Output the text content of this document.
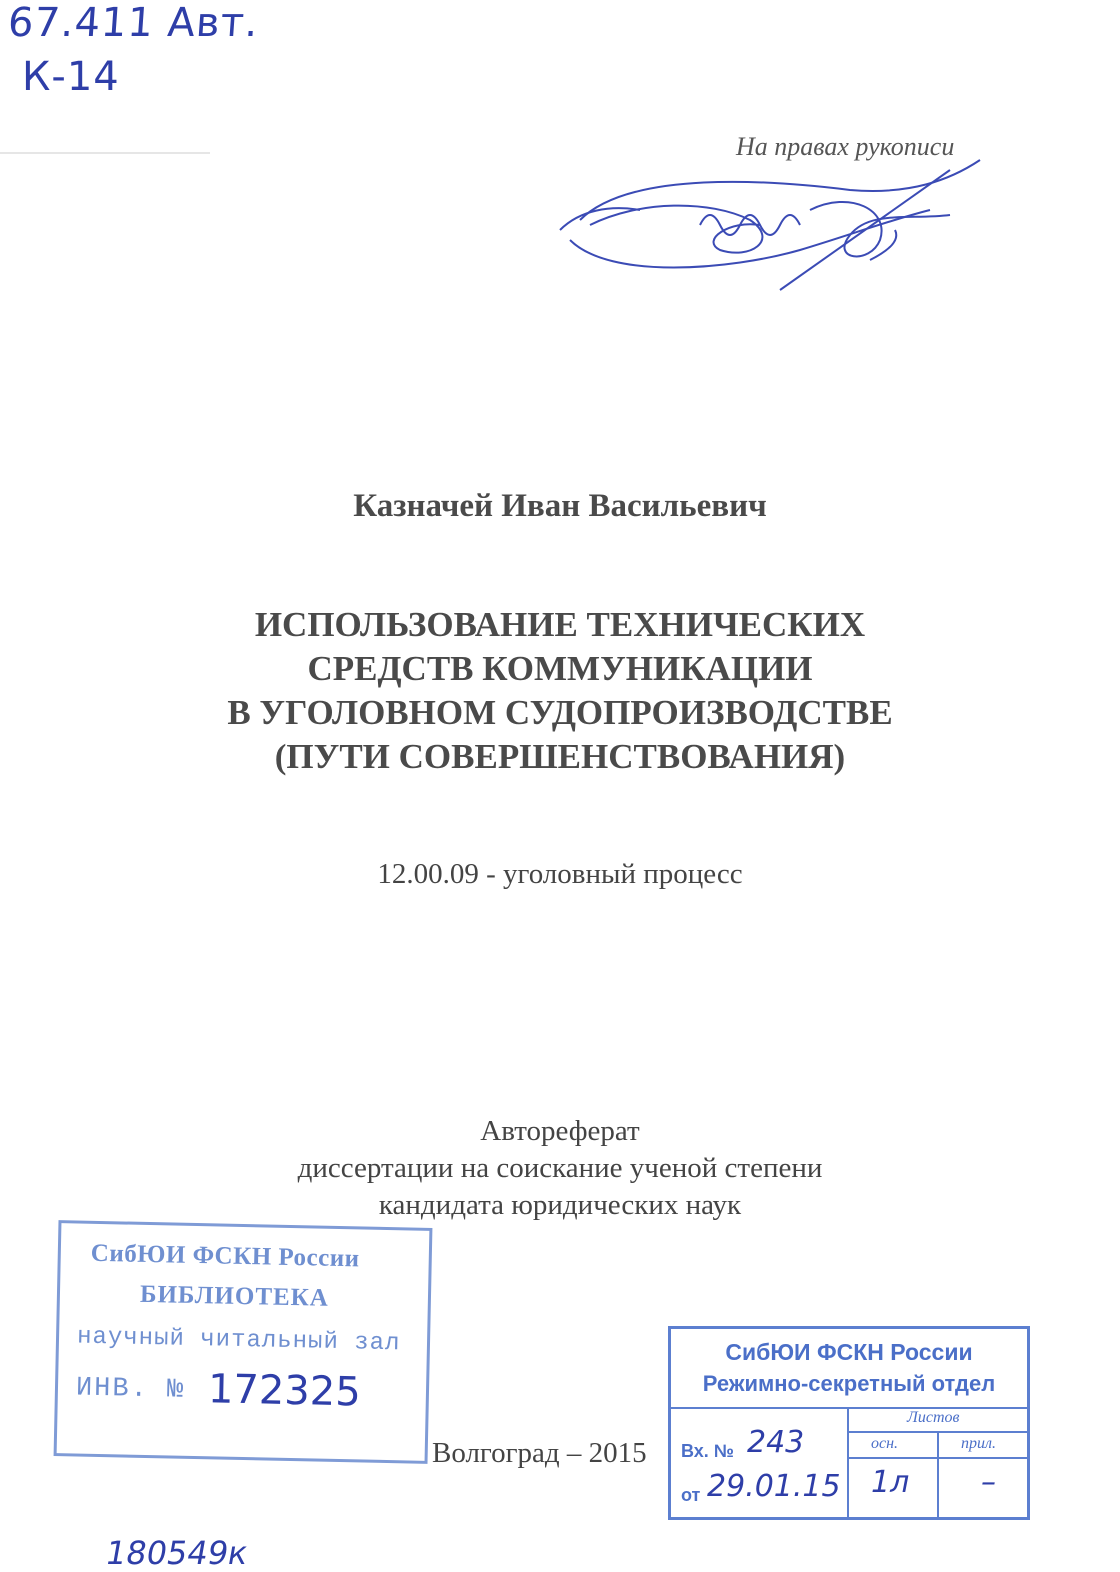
67.411 Авт.
К-14
На правах рукописи
Казначей Иван Васильевич
ИСПОЛЬЗОВАНИЕ ТЕХНИЧЕСКИХ
СРЕДСТВ КОММУНИКАЦИИ
В УГОЛОВНОМ СУДОПРОИЗВОДСТВЕ
(ПУТИ СОВЕРШЕНСТВОВАНИЯ)
12.00.09 - уголовный процесс
Автореферат
диссертации на соискание ученой степени
кандидата юридических наук
Волгоград – 2015
СибЮИ ФСКН России
БИБЛИОТЕКА
научный читальный зал
ИНВ. № 172325
СибЮИ ФСКН России
Режимно-секретный отдел
Листов
осн.	прил.
Вх. № 243
от 29.01.15 1л –
180549к
